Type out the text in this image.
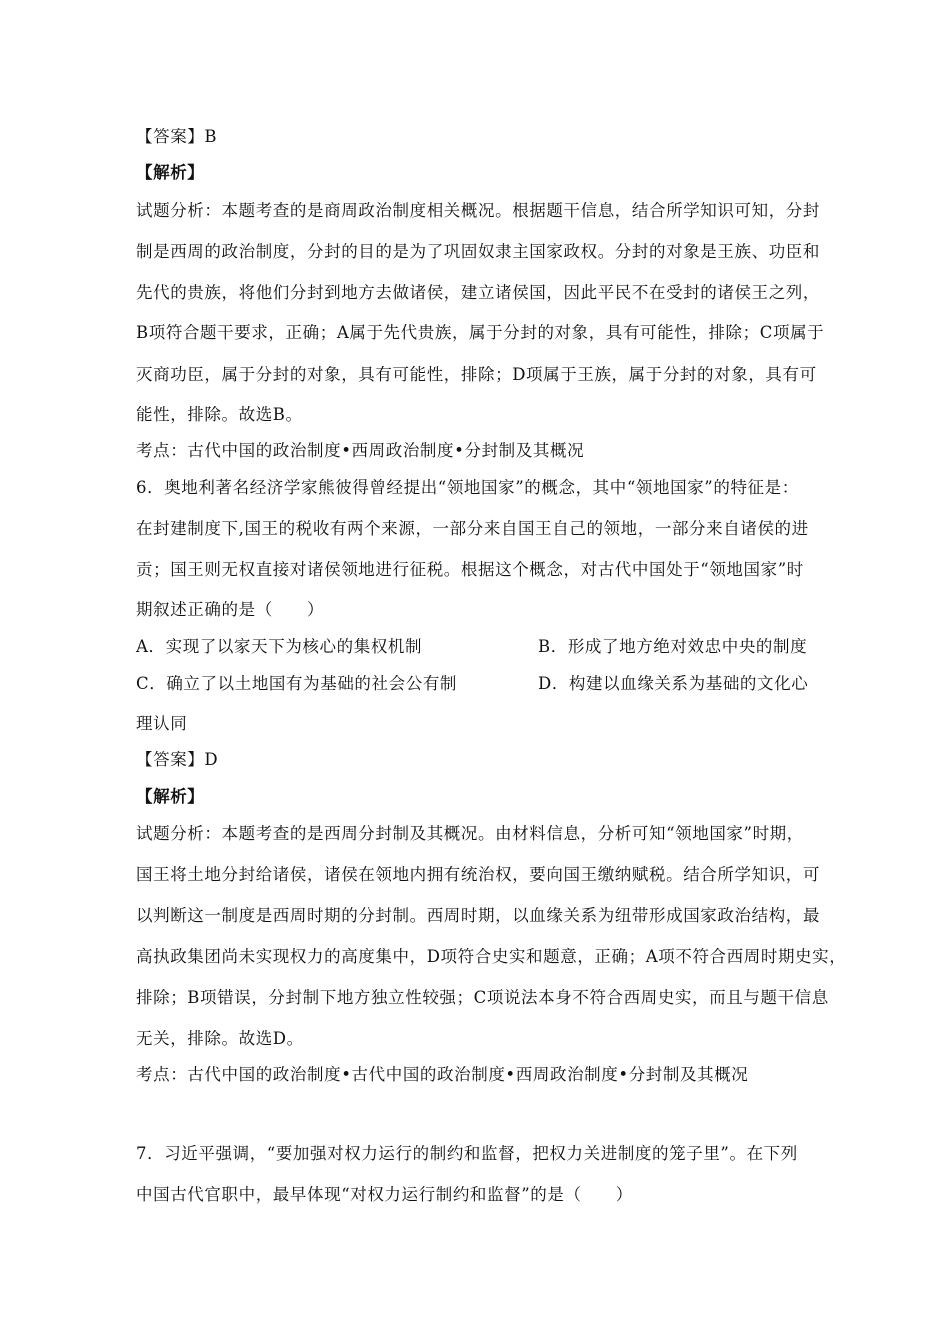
【答案】B
【解析】
试题分析：本题考查的是商周政治制度相关概况。根据题干信息，结合所学知识可知，分封
制是西周的政治制度，分封的目的是为了巩固奴隶主国家政权。分封的对象是王族、功臣和
先代的贵族，将他们分封到地方去做诸侯，建立诸侯国，因此平民不在受封的诸侯王之列，
B项符合题干要求，正确；A属于先代贵族，属于分封的对象，具有可能性，排除；C项属于
灭商功臣，属于分封的对象，具有可能性，排除；D项属于王族，属于分封的对象，具有可
能性，排除。故选B。
考点：古代中国的政治制度•西周政治制度•分封制及其概况
6．奥地利著名经济学家熊彼得曾经提出“领地国家”的概念，其中“领地国家”的特征是：
在封建制度下,国王的税收有两个来源，一部分来自国王自己的领地，一部分来自诸侯的进
贡；国王则无权直接对诸侯领地进行征税。根据这个概念，对古代中国处于“领地国家”时
期叙述正确的是（　　）
A．实现了以家天下为核心的集权机制	B．形成了地方绝对效忠中央的制度
C．确立了以土地国有为基础的社会公有制	D．构建以血缘关系为基础的文化心
理认同
【答案】D
【解析】
试题分析：本题考查的是西周分封制及其概况。由材料信息，分析可知“领地国家”时期，
国王将土地分封给诸侯，诸侯在领地内拥有统治权，要向国王缴纳赋税。结合所学知识，可
以判断这一制度是西周时期的分封制。西周时期，以血缘关系为纽带形成国家政治结构，最
高执政集团尚未实现权力的高度集中，D项符合史实和题意，正确；A项不符合西周时期史实，
排除；B项错误，分封制下地方独立性较强；C项说法本身不符合西周史实，而且与题干信息
无关，排除。故选D。
考点：古代中国的政治制度•古代中国的政治制度•西周政治制度•分封制及其概况
7．习近平强调，“要加强对权力运行的制约和监督，把权力关进制度的笼子里”。在下列
中国古代官职中，最早体现“对权力运行制约和监督”的是（　　）
